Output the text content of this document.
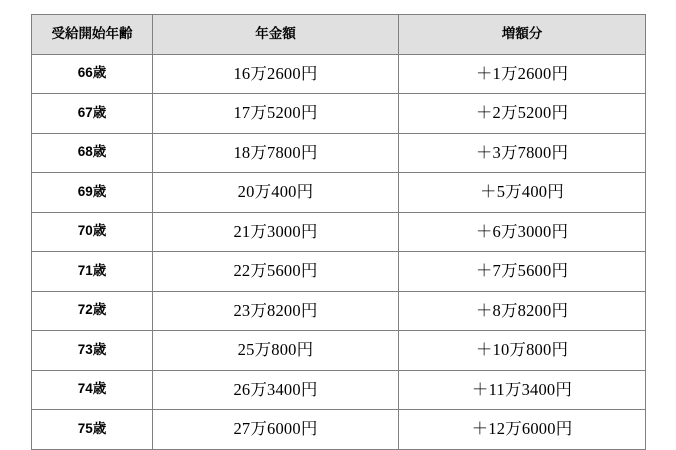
受給開始年齢	年金額	増額分
66歳	16万2600円	＋1万2600円
67歳	17万5200円	＋2万5200円
68歳	18万7800円	＋3万7800円
69歳	20万400円	＋5万400円
70歳	21万3000円	＋6万3000円
71歳	22万5600円	＋7万5600円
72歳	23万8200円	＋8万8200円
73歳	25万800円	＋10万800円
74歳	26万3400円	＋11万3400円
75歳	27万6000円	＋12万6000円
